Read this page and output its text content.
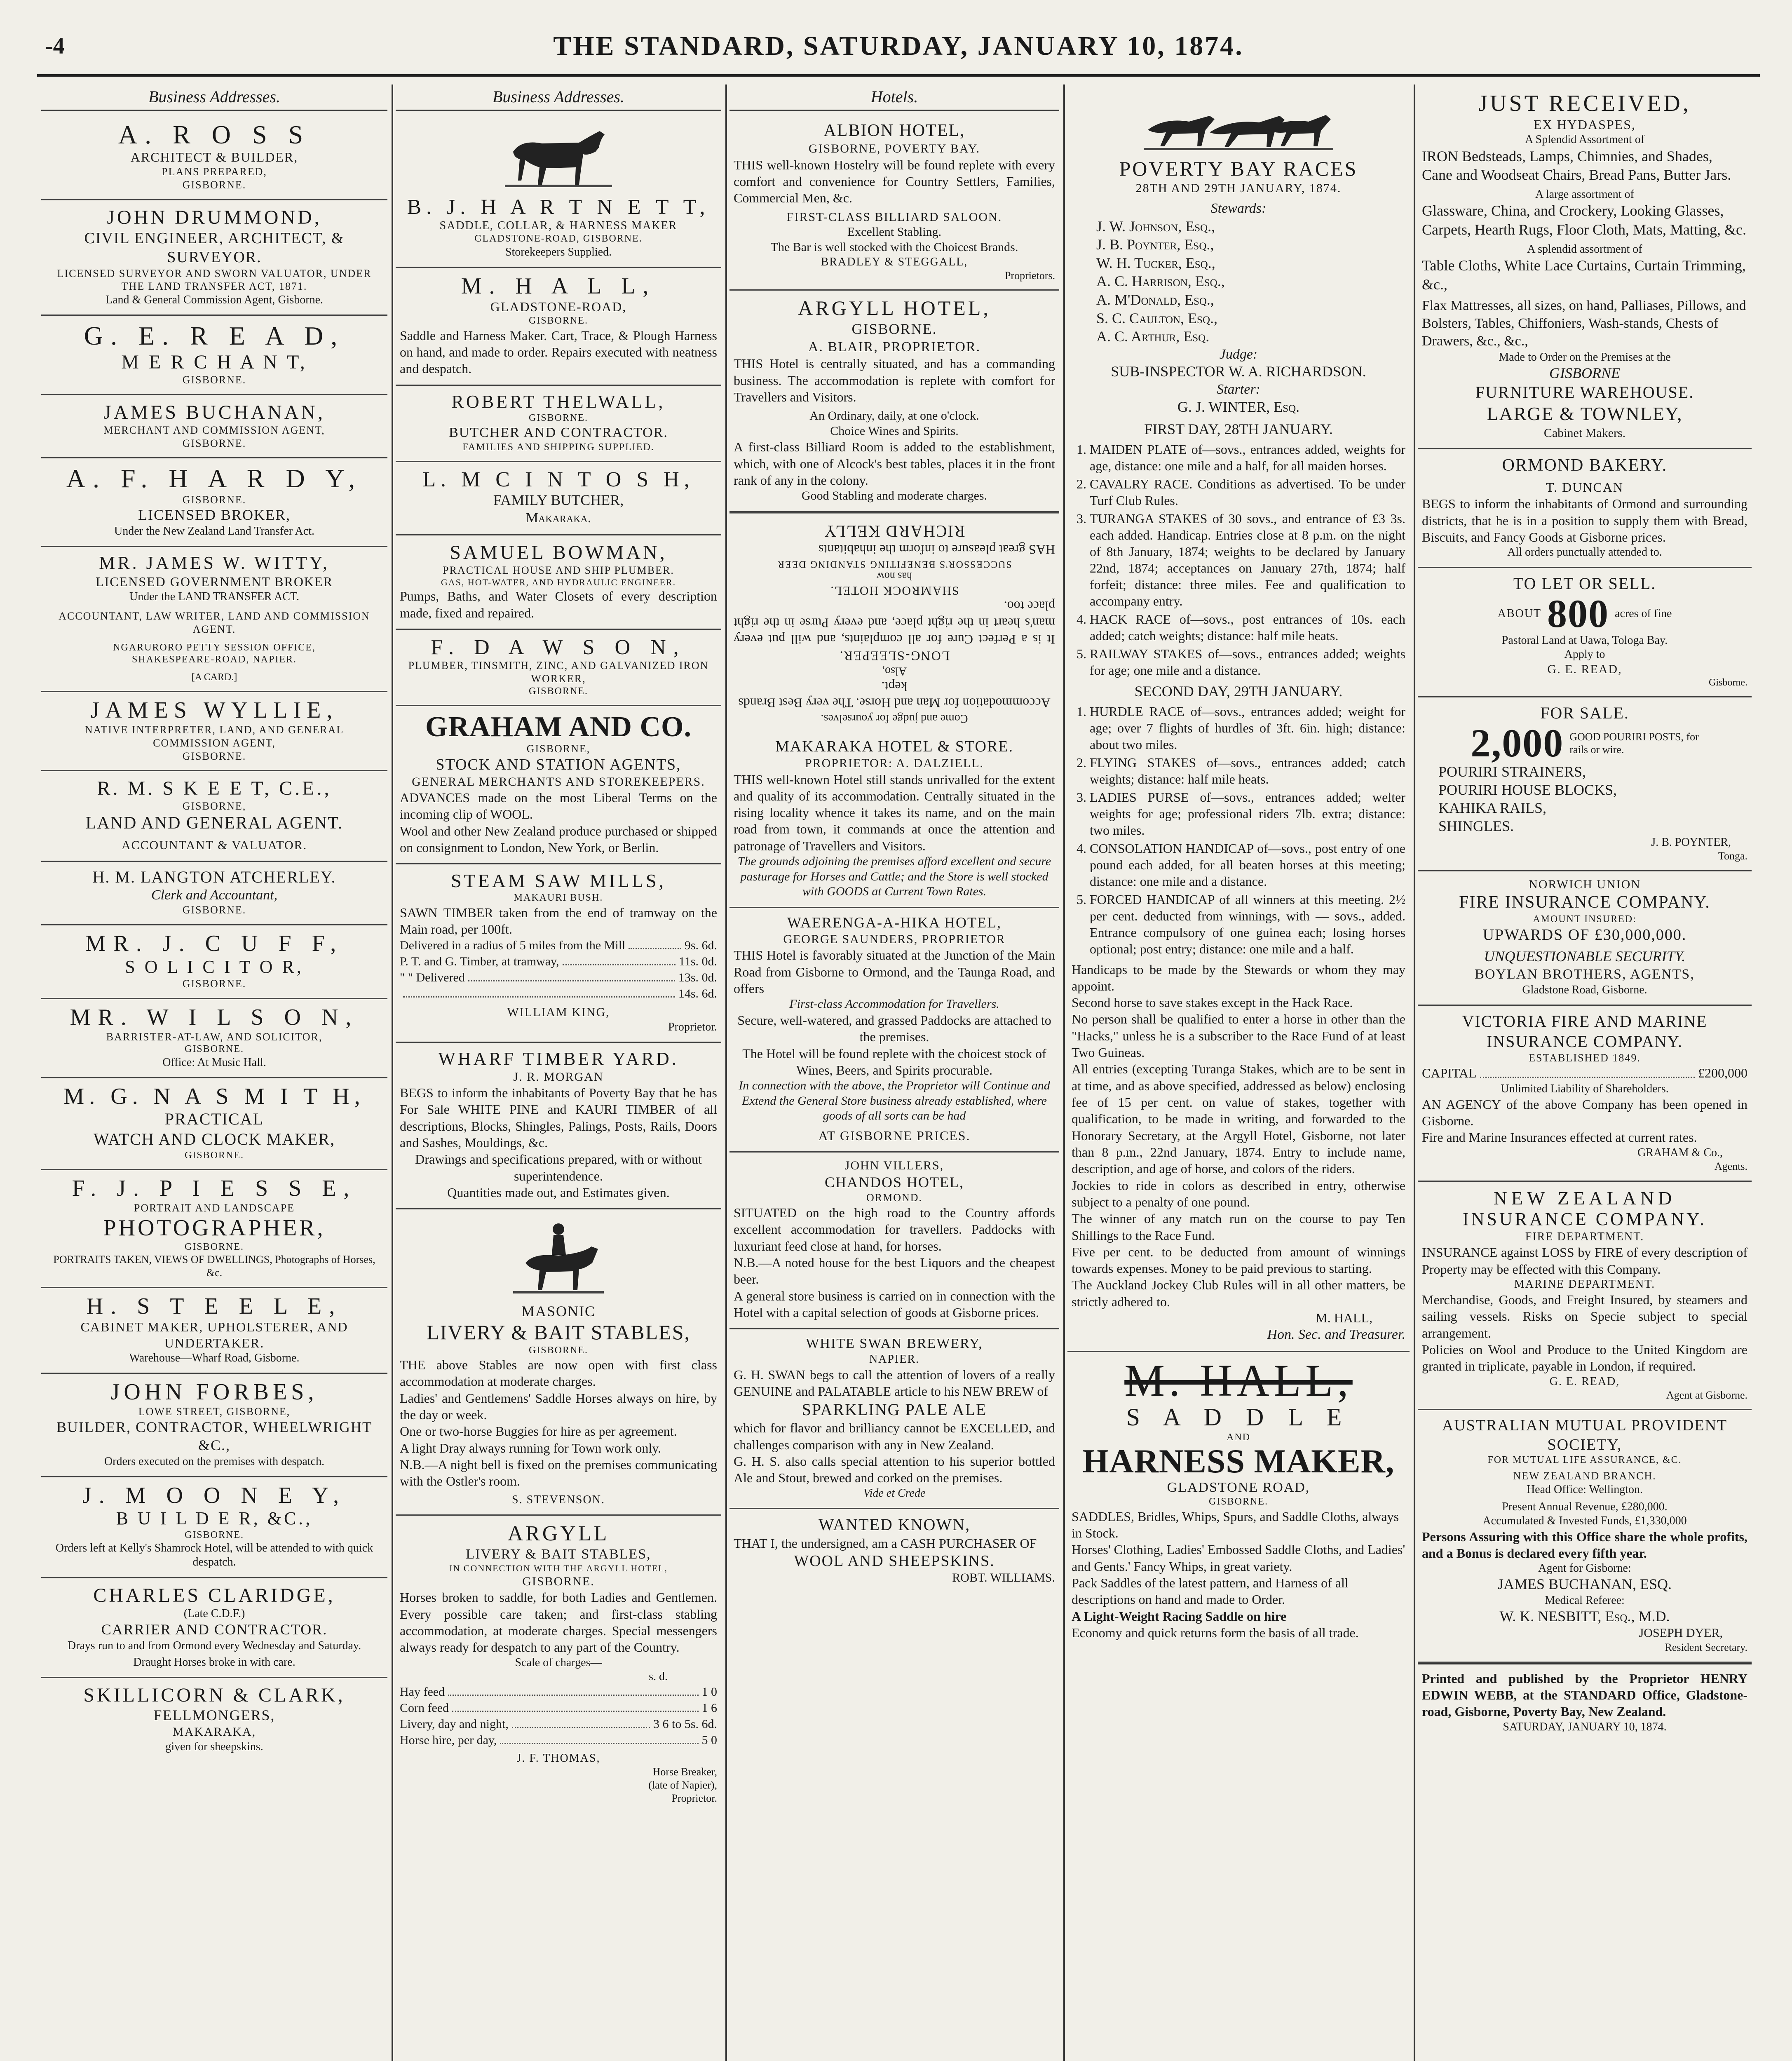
-4	THE STANDARD, SATURDAY, JANUARY 10, 1874.
Business Addresses.
A. R O S S
ARCHITECT & BUILDER,
PLANS PREPARED,
GISBORNE.
JOHN DRUMMOND,
CIVIL ENGINEER, ARCHITECT, & SURVEYOR.
LICENSED SURVEYOR AND SWORN VALUATOR, UNDER THE LAND TRANSFER ACT, 1871.
Land & General Commission Agent, Gisborne.
G. E. R E A D,
M E R C H A N T,
GISBORNE.
JAMES BUCHANAN,
MERCHANT AND COMMISSION AGENT,
GISBORNE.
A. F. H A R D Y,
GISBORNE.
LICENSED BROKER,
Under the New Zealand Land Transfer Act.
MR. JAMES W. WITTY,
LICENSED GOVERNMENT BROKER
Under the LAND TRANSFER ACT.
ACCOUNTANT, LAW WRITER, LAND AND COMMISSION AGENT.
NGARURORO PETTY SESSION OFFICE,
SHAKESPEARE-ROAD, NAPIER.
[A CARD.]
JAMES WYLLIE,
NATIVE INTERPRETER, LAND, AND GENERAL COMMISSION AGENT,
GISBORNE.
R. M. S K E E T, C.E.,
GISBORNE,
LAND AND GENERAL AGENT.
ACCOUNTANT & VALUATOR.
H. M. LANGTON ATCHERLEY.
Clerk and Accountant,
GISBORNE.
MR. J. C U F F,
S O L I C I T O R,
GISBORNE.
MR. W I L S O N,
BARRISTER-AT-LAW, AND SOLICITOR,
GISBORNE.
Office: At Music Hall.
M. G. N A S M I T H,
PRACTICAL
WATCH AND CLOCK MAKER,
GISBORNE.
F. J. P I E S S E,
PORTRAIT AND LANDSCAPE
PHOTOGRAPHER,
GISBORNE.
PORTRAITS TAKEN, VIEWS OF DWELLINGS, Photographs of Horses, &c.
H. S T E E L E,
CABINET MAKER, UPHOLSTERER, AND UNDERTAKER.
Warehouse—Wharf Road, Gisborne.
JOHN FORBES,
LOWE STREET, GISBORNE,
BUILDER, CONTRACTOR, WHEELWRIGHT &C.,
Orders executed on the premises with despatch.
J. M O O N E Y,
B U I L D E R, &C.,
GISBORNE.
Orders left at Kelly's Shamrock Hotel, will be attended to with quick despatch.
CHARLES CLARIDGE,
(Late C.D.F.)
CARRIER AND CONTRACTOR.
Drays run to and from Ormond every Wednesday and Saturday.
Draught Horses broke in with care.
SKILLICORN & CLARK,
FELLMONGERS,
MAKARAKA,
given for sheepskins.
Business Addresses.
B. J. H A R T N E T T,
SADDLE, COLLAR, & HARNESS MAKER
GLADSTONE-ROAD, GISBORNE.
Storekeepers Supplied.
M. H A L L,
GLADSTONE-ROAD,
GISBORNE.
Saddle and Harness Maker. Cart, Trace, & Plough Harness on hand, and made to order. Repairs executed with neatness and despatch.
ROBERT THELWALL,
GISBORNE.
BUTCHER AND CONTRACTOR.
FAMILIES AND SHIPPING SUPPLIED.
L. M C I N T O S H,
FAMILY BUTCHER,
Makaraka.
SAMUEL BOWMAN,
PRACTICAL HOUSE AND SHIP PLUMBER.
GAS, HOT-WATER, AND HYDRAULIC ENGINEER.
Pumps, Baths, and Water Closets of every description made, fixed and repaired.
F. D A W S O N,
PLUMBER, TINSMITH, ZINC, AND GALVANIZED IRON WORKER,
GISBORNE.
GRAHAM AND CO.
GISBORNE,
STOCK AND STATION AGENTS,
GENERAL MERCHANTS AND STOREKEEPERS.
ADVANCES made on the most Liberal Terms on the incoming clip of WOOL.
Wool and other New Zealand produce purchased or shipped on consignment to London, New York, or Berlin.
STEAM SAW MILLS,
MAKAURI BUSH.
SAWN TIMBER taken from the end of tramway on the Main road, per 100ft.
Delivered in a radius of 5 miles from the Mill	9s. 6d.
P. T. and G. Timber, at tramway,	11s. 0d.
" " Delivered	13s. 0d.
14s. 6d.
WILLIAM KING,
Proprietor.
WHARF TIMBER YARD.
J. R. MORGAN
BEGS to inform the inhabitants of Poverty Bay that he has For Sale WHITE PINE and KAURI TIMBER of all descriptions, Blocks, Shingles, Palings, Posts, Rails, Doors and Sashes, Mouldings, &c.
Drawings and specifications prepared, with or without superintendence.
Quantities made out, and Estimates given.
MASONIC
LIVERY & BAIT STABLES,
GISBORNE.
THE above Stables are now open with first class accommodation at moderate charges.
Ladies' and Gentlemens' Saddle Horses always on hire, by the day or week.
One or two-horse Buggies for hire as per agreement.
A light Dray always running for Town work only.
N.B.—A night bell is fixed on the premises communicating with the Ostler's room.
S. STEVENSON.
ARGYLL
LIVERY & BAIT STABLES,
IN CONNECTION WITH THE ARGYLL HOTEL,
GISBORNE.
Horses broken to saddle, for both Ladies and Gentlemen. Every possible care taken; and first-class stabling accommodation, at moderate charges. Special messengers always ready for despatch to any part of the Country.
Scale of charges—
s. d.
Hay feed	1 0
Corn feed	1 6
Livery, day and night,	3 6 to 5s. 6d.
Horse hire, per day,	5 0
J. F. THOMAS,
Horse Breaker,
(late of Napier),
Proprietor.
Hotels.
ALBION HOTEL,
GISBORNE, POVERTY BAY.
THIS well-known Hostelry will be found replete with every comfort and convenience for Country Settlers, Families, Commercial Men, &c.
FIRST-CLASS BILLIARD SALOON.
Excellent Stabling.
The Bar is well stocked with the Choicest Brands.
BRADLEY & STEGGALL,
Proprietors.
ARGYLL HOTEL,
GISBORNE.
A. BLAIR, PROPRIETOR.
THIS Hotel is centrally situated, and has a commanding business. The accommodation is replete with comfort for Travellers and Visitors.
An Ordinary, daily, at one o'clock.
Choice Wines and Spirits.
A first-class Billiard Room is added to the establishment, which, with one of Alcock's best tables, places it in the front rank of any in the colony.
Good Stabling and moderate charges.
Come and judge for yourselves.
Accommodation for Man and Horse. The very Best Brands kept.
Also,
LONG-SLEEPER.
It is a Perfect Cure for all complaints, and will put every man's heart in the right place, and every Purse in the right place too.
SHAMROCK HOTEL.
has now
SUCCESSOR'S BENEFITING STANDING DEER
HAS great pleasure to inform the inhabitants
RICHARD KELLY
MAKARAKA HOTEL & STORE.
PROPRIETOR: A. DALZIELL.
THIS well-known Hotel still stands unrivalled for the extent and quality of its accommodation. Centrally situated in the rising locality whence it takes its name, and on the main road from town, it commands at once the attention and patronage of Travellers and Visitors.
The grounds adjoining the premises afford excellent and secure pasturage for Horses and Cattle; and the Store is well stocked with GOODS at Current Town Rates.
WAERENGA-A-HIKA HOTEL,
GEORGE SAUNDERS, PROPRIETOR
THIS Hotel is favorably situated at the Junction of the Main Road from Gisborne to Ormond, and the Taunga Road, and offers
First-class Accommodation for Travellers.
Secure, well-watered, and grassed Paddocks are attached to the premises.
The Hotel will be found replete with the choicest stock of Wines, Beers, and Spirits procurable.
In connection with the above, the Proprietor will Continue and Extend the General Store business already established, where goods of all sorts can be had
AT GISBORNE PRICES.
JOHN VILLERS,
CHANDOS HOTEL,
ORMOND.
SITUATED on the high road to the Country affords excellent accommodation for travellers. Paddocks with luxuriant feed close at hand, for horses.
N.B.—A noted house for the best Liquors and the cheapest beer.
A general store business is carried on in connection with the Hotel with a capital selection of goods at Gisborne prices.
WHITE SWAN BREWERY,
NAPIER.
G. H. SWAN begs to call the attention of lovers of a really GENUINE and PALATABLE article to his NEW BREW of
SPARKLING PALE ALE
which for flavor and brilliancy cannot be EXCELLED, and challenges comparison with any in New Zealand.
G. H. S. also calls special attention to his superior bottled Ale and Stout, brewed and corked on the premises.
Vide et Crede
WANTED KNOWN,
THAT I, the undersigned, am a CASH PURCHASER OF
WOOL AND SHEEPSKINS.
ROBT. WILLIAMS.
POVERTY BAY RACES
28TH AND 29TH JANUARY, 1874.
Stewards:
J. W. Johnson, Esq.,
J. B. Poynter, Esq.,
W. H. Tucker, Esq.,
A. C. Harrison, Esq.,
A. M'Donald, Esq.,
S. C. Caulton, Esq.,
A. C. Arthur, Esq.
Judge:
SUB-INSPECTOR W. A. RICHARDSON.
Starter:
G. J. WINTER, Esq.
FIRST DAY, 28TH JANUARY.
1. MAIDEN PLATE of—sovs., entrances added, weights for age, distance: one mile and a half, for all maiden horses.
2. CAVALRY RACE. Conditions as advertised. To be under Turf Club Rules.
3. TURANGA STAKES of 30 sovs., and entrance of £3 3s. each added. Handicap. Entries close at 8 p.m. on the night of 8th January, 1874; weights to be declared by January 22nd, 1874; acceptances on January 27th, 1874; half forfeit; distance: three miles. Fee and qualification to accompany entry.
4. HACK RACE of—sovs., post entrances of 10s. each added; catch weights; distance: half mile heats.
5. RAILWAY STAKES of—sovs., entrances added; weights for age; one mile and a distance.
SECOND DAY, 29TH JANUARY.
1. HURDLE RACE of—sovs., entrances added; weight for age; over 7 flights of hurdles of 3ft. 6in. high; distance: about two miles.
2. FLYING STAKES of—sovs., entrances added; catch weights; distance: half mile heats.
3. LADIES PURSE of—sovs., entrances added; welter weights for age; professional riders 7lb. extra; distance: two miles.
4. CONSOLATION HANDICAP of—sovs., post entry of one pound each added, for all beaten horses at this meeting; distance: one mile and a distance.
5. FORCED HANDICAP of all winners at this meeting. 2½ per cent. deducted from winnings, with — sovs., added. Entrance compulsory of one guinea each; losing horses optional; post entry; distance: one mile and a half.
Handicaps to be made by the Stewards or whom they may appoint.
Second horse to save stakes except in the Hack Race.
No person shall be qualified to enter a horse in other than the "Hacks," unless he is a subscriber to the Race Fund of at least Two Guineas.
All entries (excepting Turanga Stakes, which are to be sent in at time, and as above specified, addressed as below) enclosing fee of 15 per cent. on value of stakes, together with qualification, to be made in writing, and forwarded to the Honorary Secretary, at the Argyll Hotel, Gisborne, not later than 8 p.m., 22nd January, 1874. Entry to include name, description, and age of horse, and colors of the riders.
Jockies to ride in colors as described in entry, otherwise subject to a penalty of one pound.
The winner of any match run on the course to pay Ten Shillings to the Race Fund.
Five per cent. to be deducted from amount of winnings towards expenses. Money to be paid previous to starting.
The Auckland Jockey Club Rules will in all other matters, be strictly adhered to.
M. HALL,
Hon. Sec. and Treasurer.
M. HALL,
S A D D L E
AND
HARNESS MAKER,
GLADSTONE ROAD,
GISBORNE.
SADDLES, Bridles, Whips, Spurs, and Saddle Cloths, always in Stock.
Horses' Clothing, Ladies' Embossed Saddle Cloths, and Ladies' and Gents.' Fancy Whips, in great variety.
Pack Saddles of the latest pattern, and Harness of all descriptions on hand and made to Order.
A Light-Weight Racing Saddle on hire
Economy and quick returns form the basis of all trade.
JUST RECEIVED,
EX HYDASPES,
A Splendid Assortment of
IRON Bedsteads, Lamps, Chimnies, and Shades,
Cane and Woodseat Chairs, Bread Pans, Butter Jars.
A large assortment of
Glassware, China, and Crockery, Looking Glasses, Carpets, Hearth Rugs, Floor Cloth, Mats, Matting, &c.
A splendid assortment of
Table Cloths, White Lace Curtains, Curtain Trimming, &c.,
Flax Mattresses, all sizes, on hand, Palliases, Pillows, and Bolsters, Tables, Chiffoniers, Wash-stands, Chests of Drawers, &c., &c.,
Made to Order on the Premises at the
GISBORNE
FURNITURE WAREHOUSE.
LARGE & TOWNLEY,
Cabinet Makers.
ORMOND BAKERY.
T. DUNCAN
BEGS to inform the inhabitants of Ormond and surrounding districts, that he is in a position to supply them with Bread, Biscuits, and Fancy Goods at Gisborne prices.
All orders punctually attended to.
TO LET OR SELL.
ABOUT 800 acres of fine
Pastoral Land at Uawa, Tologa Bay.
Apply to
G. E. READ,
Gisborne.
FOR SALE.
2,000 GOOD POURIRI POSTS, for
rails or wire.
POURIRI STRAINERS,
POURIRI HOUSE BLOCKS,
KAHIKA RAILS,
SHINGLES.
J. B. POYNTER,
Tonga.
NORWICH UNION
FIRE INSURANCE COMPANY.
AMOUNT INSURED:
UPWARDS OF £30,000,000.
UNQUESTIONABLE SECURITY.
BOYLAN BROTHERS, AGENTS,
Gladstone Road, Gisborne.
VICTORIA FIRE AND MARINE INSURANCE COMPANY.
ESTABLISHED 1849.
CAPITAL	£200,000
Unlimited Liability of Shareholders.
AN AGENCY of the above Company has been opened in Gisborne.
Fire and Marine Insurances effected at current rates.
GRAHAM & Co.,
Agents.
NEW ZEALAND
INSURANCE COMPANY.
FIRE DEPARTMENT.
INSURANCE against LOSS by FIRE of every description of Property may be effected with this Company.
MARINE DEPARTMENT.
Merchandise, Goods, and Freight Insured, by steamers and sailing vessels. Risks on Specie subject to special arrangement.
Policies on Wool and Produce to the United Kingdom are granted in triplicate, payable in London, if required.
G. E. READ,
Agent at Gisborne.
AUSTRALIAN MUTUAL PROVIDENT SOCIETY,
FOR MUTUAL LIFE ASSURANCE, &C.
NEW ZEALAND BRANCH.
Head Office: Wellington.
Present Annual Revenue, £280,000.
Accumulated & Invested Funds, £1,330,000
Persons Assuring with this Office share the whole profits, and a Bonus is declared every fifth year.
Agent for Gisborne:
JAMES BUCHANAN, ESQ.
Medical Referee:
W. K. NESBITT, Esq., M.D.
JOSEPH DYER,
Resident Secretary.
Printed and published by the Proprietor HENRY EDWIN WEBB, at the STANDARD Office, Gladstone-road, Gisborne, Poverty Bay, New Zealand.
SATURDAY, JANUARY 10, 1874.
